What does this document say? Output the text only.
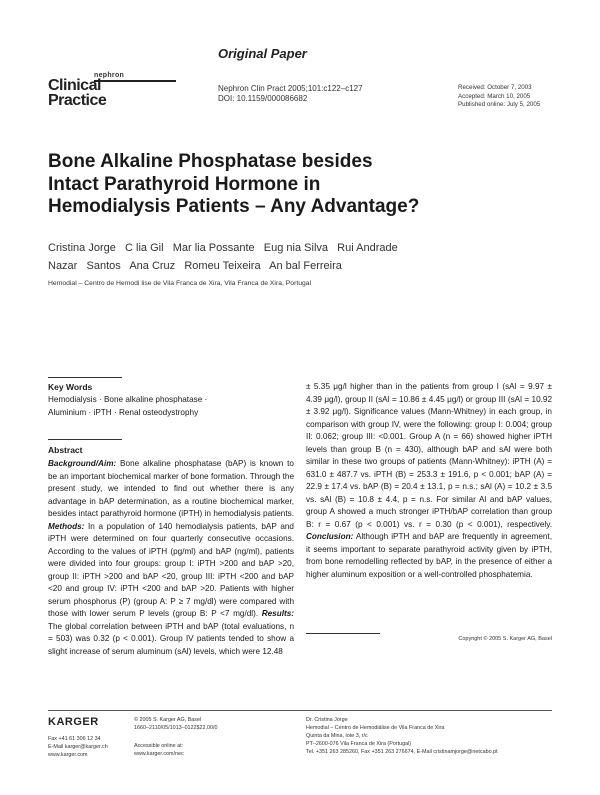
Original Paper
nephron
Clinical
Practice
Nephron Clin Pract 2005;101:c122–c127
DOI: 10.1159/000086682
Received: October 7, 2003
Accepted: March 10, 2005
Published online: July 5, 2005
Bone Alkaline Phosphatase besides
Intact Parathyroid Hormone in
Hemodialysis Patients – Any Advantage?
Cristina Jorge   C lia Gil   Mar lia Possante   Eug nia Silva   Rui Andrade
Nazar   Santos   Ana Cruz   Romeu Teixeira   An bal Ferreira
Hemodial – Centro de Hemodi lise de Vila Franca de Xira, Vila Franca de Xira, Portugal
Key Words
Hemodialysis · Bone alkaline phosphatase ·
Aluminium · iPTH · Renal osteodystrophy
Abstract

Background/Aim: Bone alkaline phosphatase (bAP) is known to be an important biochemical marker of bone formation. Through the present study, we intended to find out whether there is any advantage in bAP determination, as a routine biochemical marker, besides intact parathyroid hormone (iPTH) in hemodialysis patients. Methods: In a population of 140 hemodialysis patients, bAP and iPTH were determined on four quarterly consecutive occasions. According to the values of iPTH (pg/ml) and bAP (ng/ml), patients were divided into four groups: group I: iPTH >200 and bAP >20, group II: iPTH >200 and bAP <20, group III: iPTH <200 and bAP <20 and group IV: iPTH <200 and bAP >20. Patients with higher serum phosphorus (P) (group A: P ≥ 7 mg/dl) were compared with those with lower serum P levels (group B: P <7 mg/dl). Results: The global correlation between iPTH and bAP (total evaluations, n = 503) was 0.32 (p < 0.001). Group IV patients tended to show a slight increase of serum aluminum (sAl) levels, which were 12.48

± 5.35 μg/l higher than in the patients from group I (sAl = 9.97 ± 4.39 μg/l), group II (sAl = 10.86 ± 4.45 μg/l) or group III (sAl = 10.92 ± 3.92 μg/l). Significance values (Mann-Whitney) in each group, in comparison with group IV, were the following: group I: 0.004; group II: 0.062; group III: <0.001. Group A (n = 66) showed higher iPTH levels than group B (n = 430), although bAP and sAl were both similar in these two groups of patients (Mann-Whitney): iPTH (A) = 631.0 ± 487.7 vs. iPTH (B) = 253.3 ± 191.6, p < 0.001; bAP (A) = 22.9 ± 17.4 vs. bAP (B) = 20.4 ± 13.1, p = n.s.; sAl (A) = 10.2 ± 3.5 vs. sAl (B) = 10.8 ± 4.4, p = n.s. For similar Al and bAP values, group A showed a much stronger iPTH/bAP correlation than group B: r = 0.67 (p < 0.001) vs. r = 0.30 (p < 0.001), respectively. Conclusion: Although iPTH and bAP are frequently in agreement, it seems important to separate parathyroid activity given by iPTH, from bone remodelling reflected by bAP, in the presence of either a higher aluminum exposition or a well-controlled phosphatemia.

Copyright © 2005 S. Karger AG, Basel
KARGER
Fax +41 61 306 12 34
E-Mail karger@karger.ch
www.karger.com
© 2005 S. Karger AG, Basel
1660–2110/05/1013–0122$22.00/0
Accessible online at:
www.karger.com/nec
Dr. Cristina Jorge
Hemodial – Centro de Hemodiálise de Vila Franca de Xira
Quinta da Mina, lote 3, r/c
PT–2600-076 Vila Franca de Xira (Portugal)
Tel. +351 263 285260, Fax +351 263 276674, E-Mail cristinamjorge@netcabo.pt
